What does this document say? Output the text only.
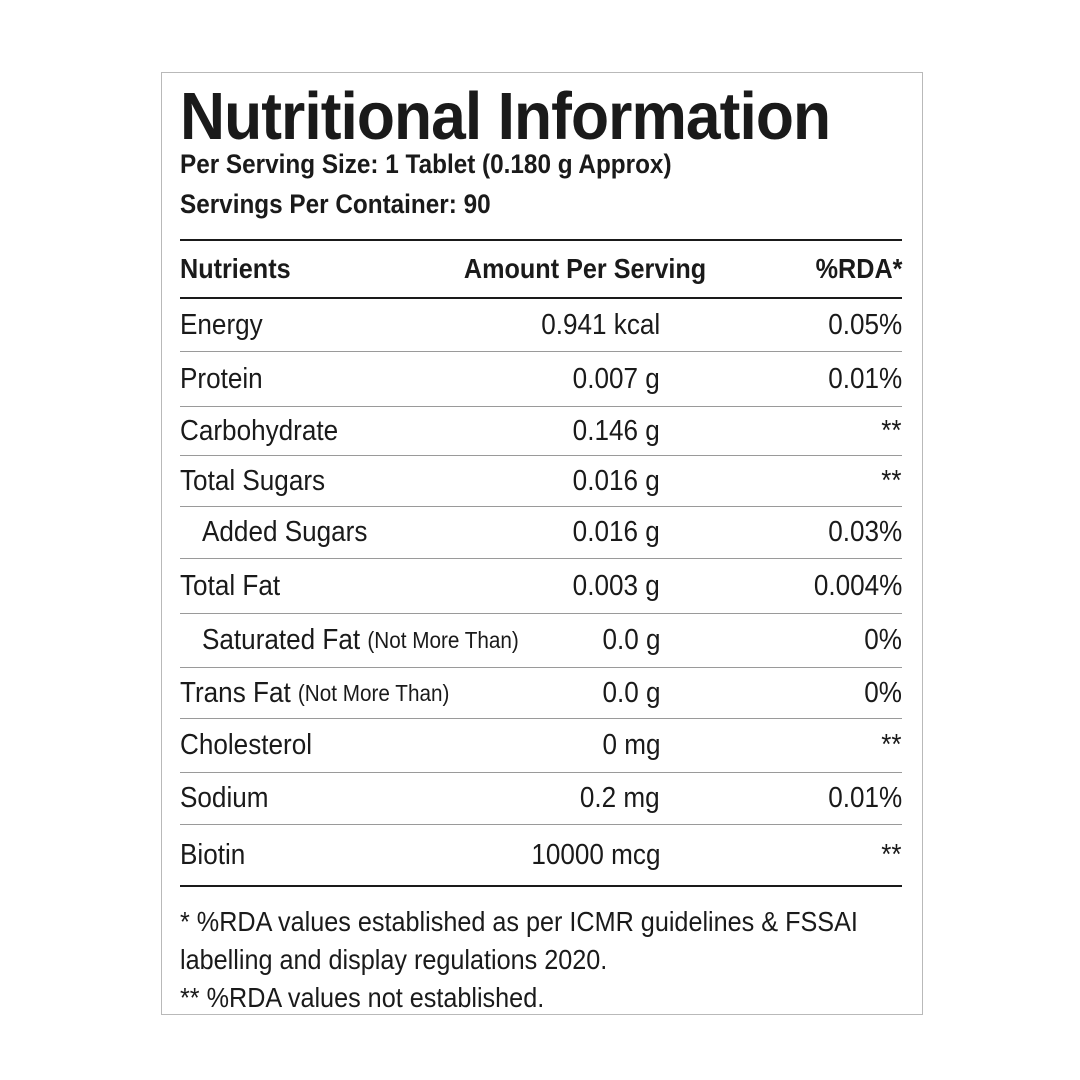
Nutritional Information
Per Serving Size: 1 Tablet (0.180 g Approx)
Servings Per Container: 90
Nutrients	Amount Per Serving	%RDA*
Energy	0.941 kcal	0.05%
Protein	0.007 g	0.01%
Carbohydrate	0.146 g	**
Total Sugars	0.016 g	**
Added Sugars	0.016 g	0.03%
Total Fat	0.003 g	0.004%
Saturated Fat (Not More Than)	0.0 g	0%
Trans Fat (Not More Than)	0.0 g	0%
Cholesterol	0 mg	**
Sodium	0.2 mg	0.01%
Biotin	10000 mcg	**
* %RDA values established as per ICMR guidelines & FSSAI
labelling and display regulations 2020.
** %RDA values not established.
